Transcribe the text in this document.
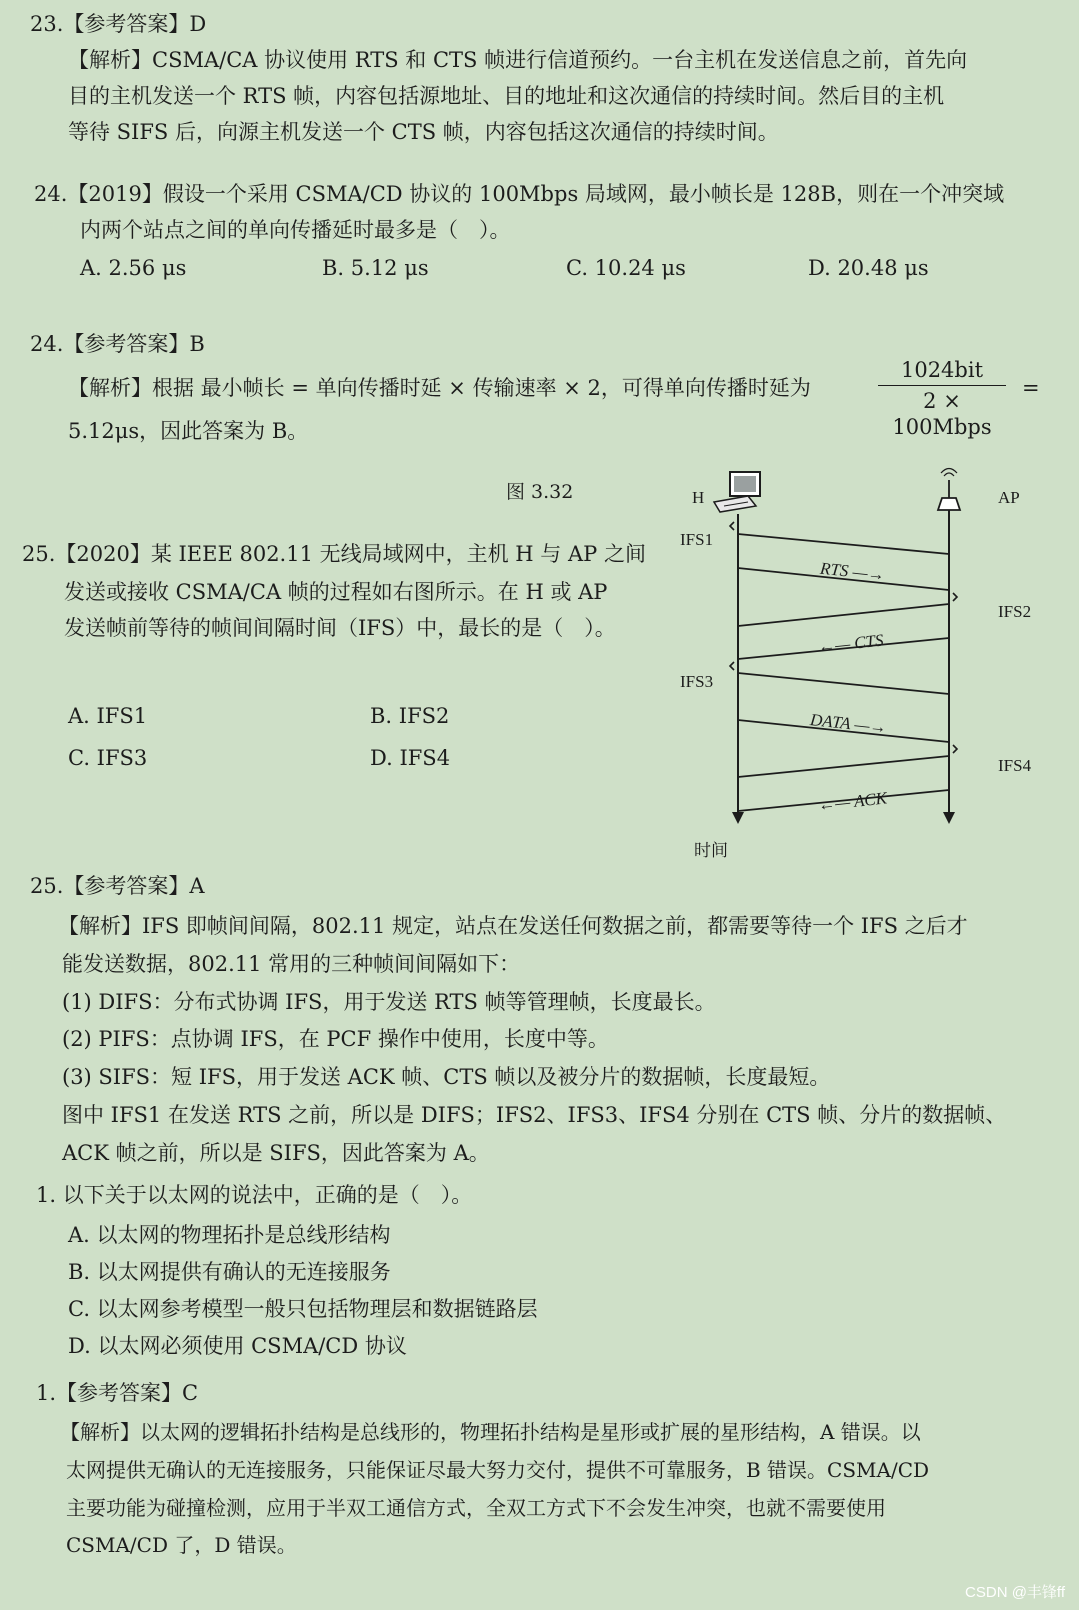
23.【参考答案】D
【解析】CSMA/CA 协议使用 RTS 和 CTS 帧进行信道预约。一台主机在发送信息之前，首先向
目的主机发送一个 RTS 帧，内容包括源地址、目的地址和这次通信的持续时间。然后目的主机
等待 SIFS 后，向源主机发送一个 CTS 帧，内容包括这次通信的持续时间。
24.【2019】假设一个采用 CSMA/CD 协议的 100Mbps 局域网，最小帧长是 128B，则在一个冲突域
内两个站点之间的单向传播延时最多是（　）。
A. 2.56 μs	B. 5.12 μs	C. 10.24 μs	D. 20.48 μs
24.【参考答案】B
【解析】根据 最小帧长 = 单向传播时延 × 传输速率 × 2，可得单向传播时延为
1024bit
2 × 100Mbps
=
5.12μs，因此答案为 B。
图 3.32
25.【2020】某 IEEE 802.11 无线局域网中，主机 H 与 AP 之间
发送或接收 CSMA/CA 帧的过程如右图所示。在 H 或 AP
发送帧前等待的帧间间隔时间（IFS）中，最长的是（　）。
A. IFS1	B. IFS2
C. IFS3	D. IFS4
H	AP
IFS1
IFS2
IFS3
IFS4
RTS —→
←— CTS
DATA —→
←— ACK
时间
25.【参考答案】A
【解析】IFS 即帧间间隔，802.11 规定，站点在发送任何数据之前，都需要等待一个 IFS 之后才
能发送数据，802.11 常用的三种帧间间隔如下：
(1) DIFS：分布式协调 IFS，用于发送 RTS 帧等管理帧，长度最长。
(2) PIFS：点协调 IFS，在 PCF 操作中使用，长度中等。
(3) SIFS：短 IFS，用于发送 ACK 帧、CTS 帧以及被分片的数据帧，长度最短。
图中 IFS1 在发送 RTS 之前，所以是 DIFS；IFS2、IFS3、IFS4 分别在 CTS 帧、分片的数据帧、
ACK 帧之前，所以是 SIFS，因此答案为 A。
1. 以下关于以太网的说法中，正确的是（　）。
A. 以太网的物理拓扑是总线形结构
B. 以太网提供有确认的无连接服务
C. 以太网参考模型一般只包括物理层和数据链路层
D. 以太网必须使用 CSMA/CD 协议
1.【参考答案】C
【解析】以太网的逻辑拓扑结构是总线形的，物理拓扑结构是星形或扩展的星形结构，A 错误。以
太网提供无确认的无连接服务，只能保证尽最大努力交付，提供不可靠服务，B 错误。CSMA/CD
主要功能为碰撞检测，应用于半双工通信方式，全双工方式下不会发生冲突，也就不需要使用
CSMA/CD 了，D 错误。
CSDN @丰锋ff
